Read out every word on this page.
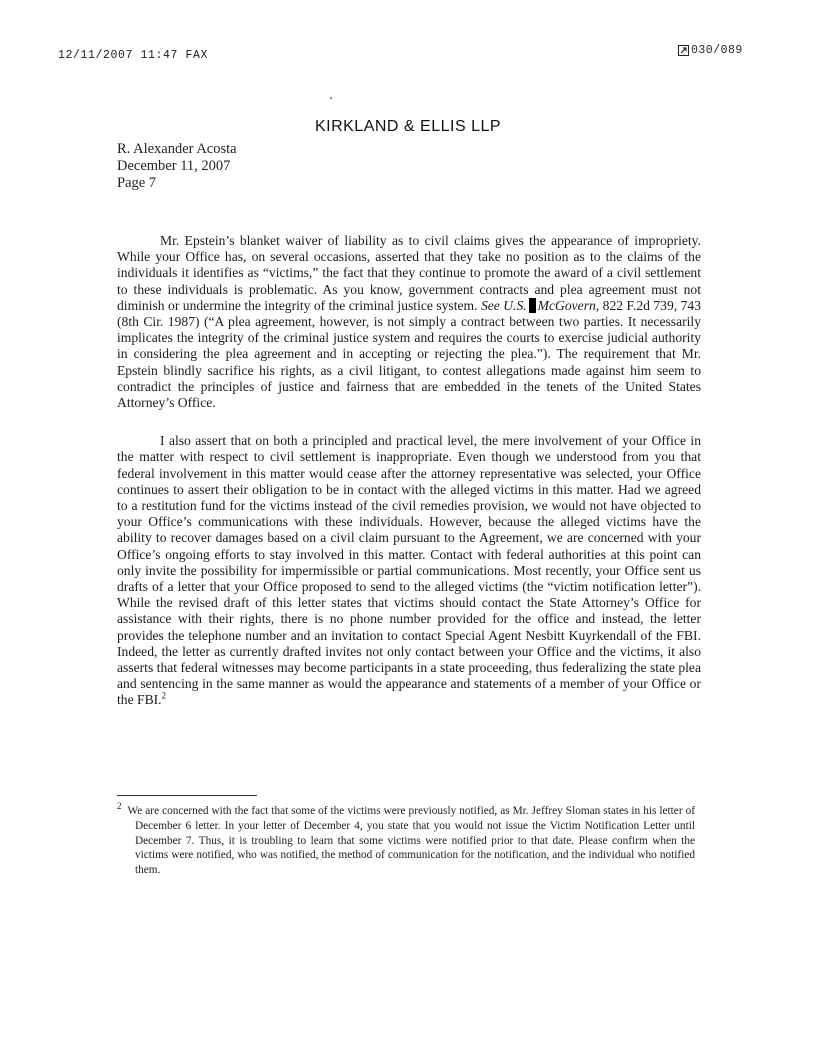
12/11/2007 11:47 FAX	030/089
KIRKLAND & ELLIS LLP
R. Alexander Acosta
December 11, 2007
Page 7

Mr. Epstein’s blanket waiver of liability as to civil claims gives the appearance of impropriety. While your Office has, on several occasions, asserted that they take no position as to the claims of the individuals it identifies as “victims,” the fact that they continue to promote the award of a civil settlement to these individuals is problematic. As you know, government contracts and plea agreement must not diminish or undermine the integrity of the criminal justice system. See U.S. McGovern, 822 F.2d 739, 743 (8th Cir. 1987) (“A plea agreement, however, is not simply a contract between two parties. It necessarily implicates the integrity of the criminal justice system and requires the courts to exercise judicial authority in considering the plea agreement and in accepting or rejecting the plea.”). The requirement that Mr. Epstein blindly sacrifice his rights, as a civil litigant, to contest allegations made against him seem to contradict the principles of justice and fairness that are embedded in the tenets of the United States Attorney’s Office.

I also assert that on both a principled and practical level, the mere involvement of your Office in the matter with respect to civil settlement is inappropriate. Even though we understood from you that federal involvement in this matter would cease after the attorney representative was selected, your Office continues to assert their obligation to be in contact with the alleged victims in this matter. Had we agreed to a restitution fund for the victims instead of the civil remedies provision, we would not have objected to your Office’s communications with these individuals. However, because the alleged victims have the ability to recover damages based on a civil claim pursuant to the Agreement, we are concerned with your Office’s ongoing efforts to stay involved in this matter. Contact with federal authorities at this point can only invite the possibility for impermissible or partial communications. Most recently, your Office sent us drafts of a letter that your Office proposed to send to the alleged victims (the “victim notification letter”). While the revised draft of this letter states that victims should contact the State Attorney’s Office for assistance with their rights, there is no phone number provided for the office and instead, the letter provides the telephone number and an invitation to contact Special Agent Nesbitt Kuyrkendall of the FBI. Indeed, the letter as currently drafted invites not only contact between your Office and the victims, it also asserts that federal witnesses may become participants in a state proceeding, thus federalizing the state plea and sentencing in the same manner as would the appearance and statements of a member of your Office or the FBI.$^2$

$^2$ We are concerned with the fact that some of the victims were previously notified, as Mr. Jeffrey Sloman states in his letter of December 6 letter. In your letter of December 4, you state that you would not issue the Victim Notification Letter until December 7. Thus, it is troubling to learn that some victims were notified prior to that date. Please confirm when the victims were notified, who was notified, the method of communication for the notification, and the individual who notified them.
